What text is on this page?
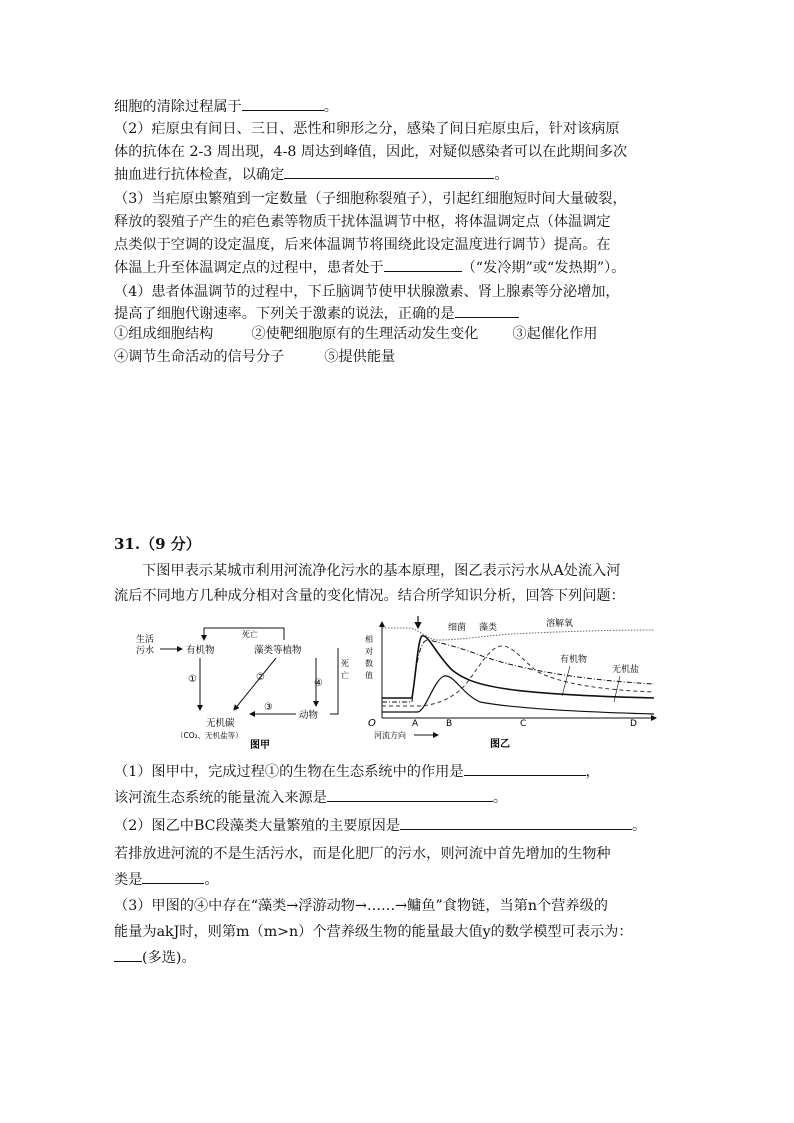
细胞的清除过程属于	。
（2）疟原虫有间日、三日、恶性和卵形之分，感染了间日疟原虫后，针对该病原
体的抗体在 2-3 周出现，4-8 周达到峰值，因此，对疑似感染者可以在此期间多次
抽血进行抗体检查，以确定	。
（3）当疟原虫繁殖到一定数量（子细胞称裂殖子），引起红细胞短时间大量破裂，
释放的裂殖子产生的疟色素等物质干扰体温调节中枢，将体温调定点（体温调定
点类似于空调的设定温度，后来体温调节将围绕此设定温度进行调节）提高。在
体温上升至体温调定点的过程中，患者处于	（“发冷期”或“发热期”）。
（4）患者体温调节的过程中，下丘脑调节使甲状腺激素、肾上腺素等分泌增加，
提高了细胞代谢速率。下列关于激素的说法，正确的是
①组成细胞结构	②使靶细胞原有的生理活动发生变化 ③起催化作用
④调节生命活动的信号分子	⑤提供能量
31.（9 分）
下图甲表示某城市利用河流净化污水的基本原理，图乙表示污水从A处流入河
流后不同地方几种成分相对含量的变化情况。结合所学知识分析，回答下列问题：
生活
污水	有机物	藻类等植物
无机碳
（CO₂、无机盐等）
动物
死亡
①	②
③
④
死
亡
图甲
相
对
数
值
O	A	B	C	D
细菌 藻类	溶解氧
有机物
无机盐
河流方向
图乙
（1）图甲中，完成过程①的生物在生态系统中的作用是	，
该河流生态系统的能量流入来源是	。
（2）图乙中BC段藻类大量繁殖的主要原因是	。
若排放进河流的不是生活污水，而是化肥厂的污水，则河流中首先增加的生物种
类是	。
（3）甲图的④中存在“藻类→浮游动物→……→鳙鱼”食物链，当第n个营养级的
能量为akJ时，则第m（m>n）个营养级生物的能量最大值y的数学模型可表示为：
(多选)。
